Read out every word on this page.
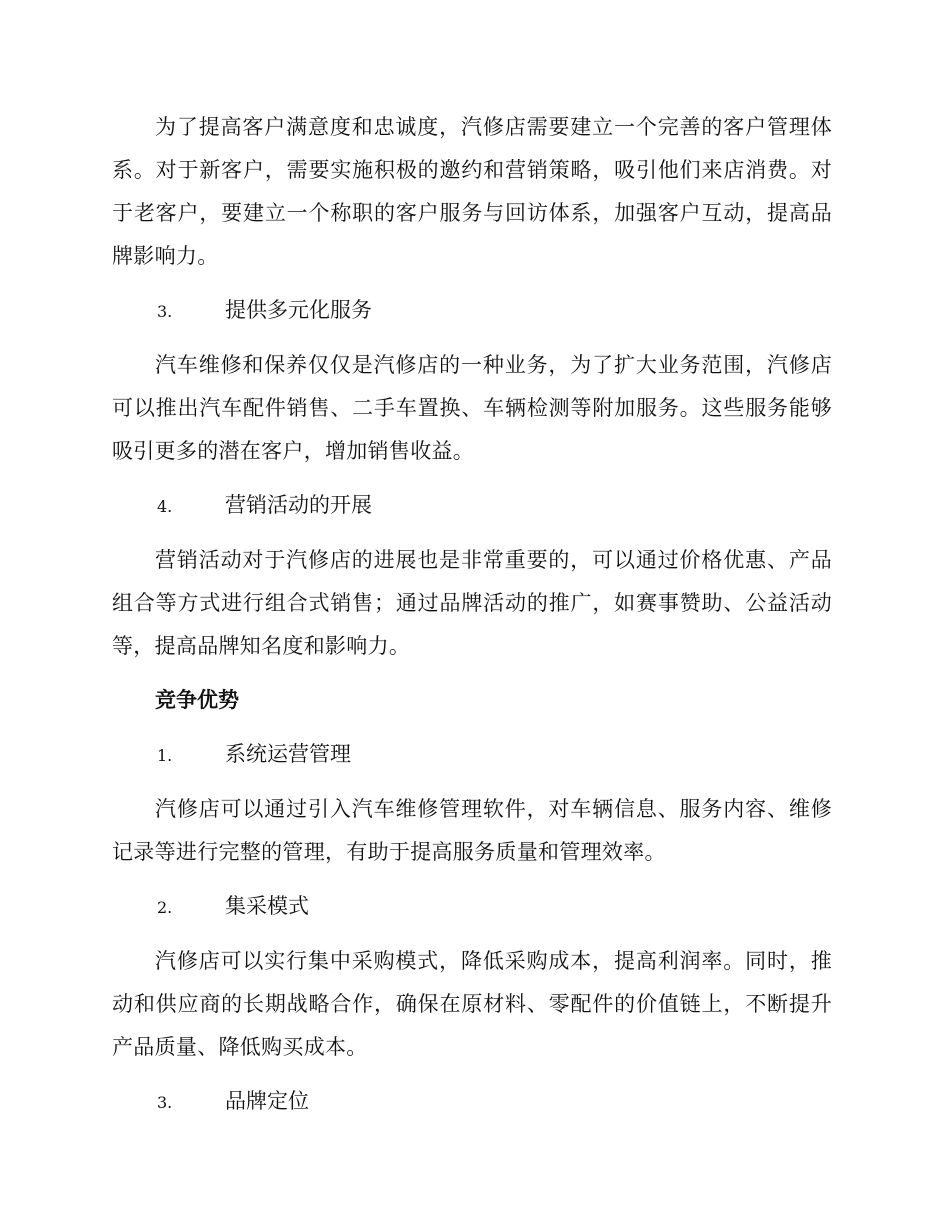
为了提高客户满意度和忠诚度，汽修店需要建立一个完善的客户管理体系。对于新客户，需要实施积极的邀约和营销策略，吸引他们来店消费。对于老客户，要建立一个称职的客户服务与回访体系，加强客户互动，提高品牌影响力。

3.	提供多元化服务

汽车维修和保养仅仅是汽修店的一种业务，为了扩大业务范围，汽修店可以推出汽车配件销售、二手车置换、车辆检测等附加服务。这些服务能够吸引更多的潜在客户，增加销售收益。

4.	营销活动的开展

营销活动对于汽修店的进展也是非常重要的，可以通过价格优惠、产品组合等方式进行组合式销售；通过品牌活动的推广，如赛事赞助、公益活动等，提高品牌知名度和影响力。

竞争优势
1.	系统运营管理

汽修店可以通过引入汽车维修管理软件，对车辆信息、服务内容、维修记录等进行完整的管理，有助于提高服务质量和管理效率。

2.	集采模式

汽修店可以实行集中采购模式，降低采购成本，提高利润率。同时，推动和供应商的长期战略合作，确保在原材料、零配件的价值链上，不断提升产品质量、降低购买成本。

3.	品牌定位
